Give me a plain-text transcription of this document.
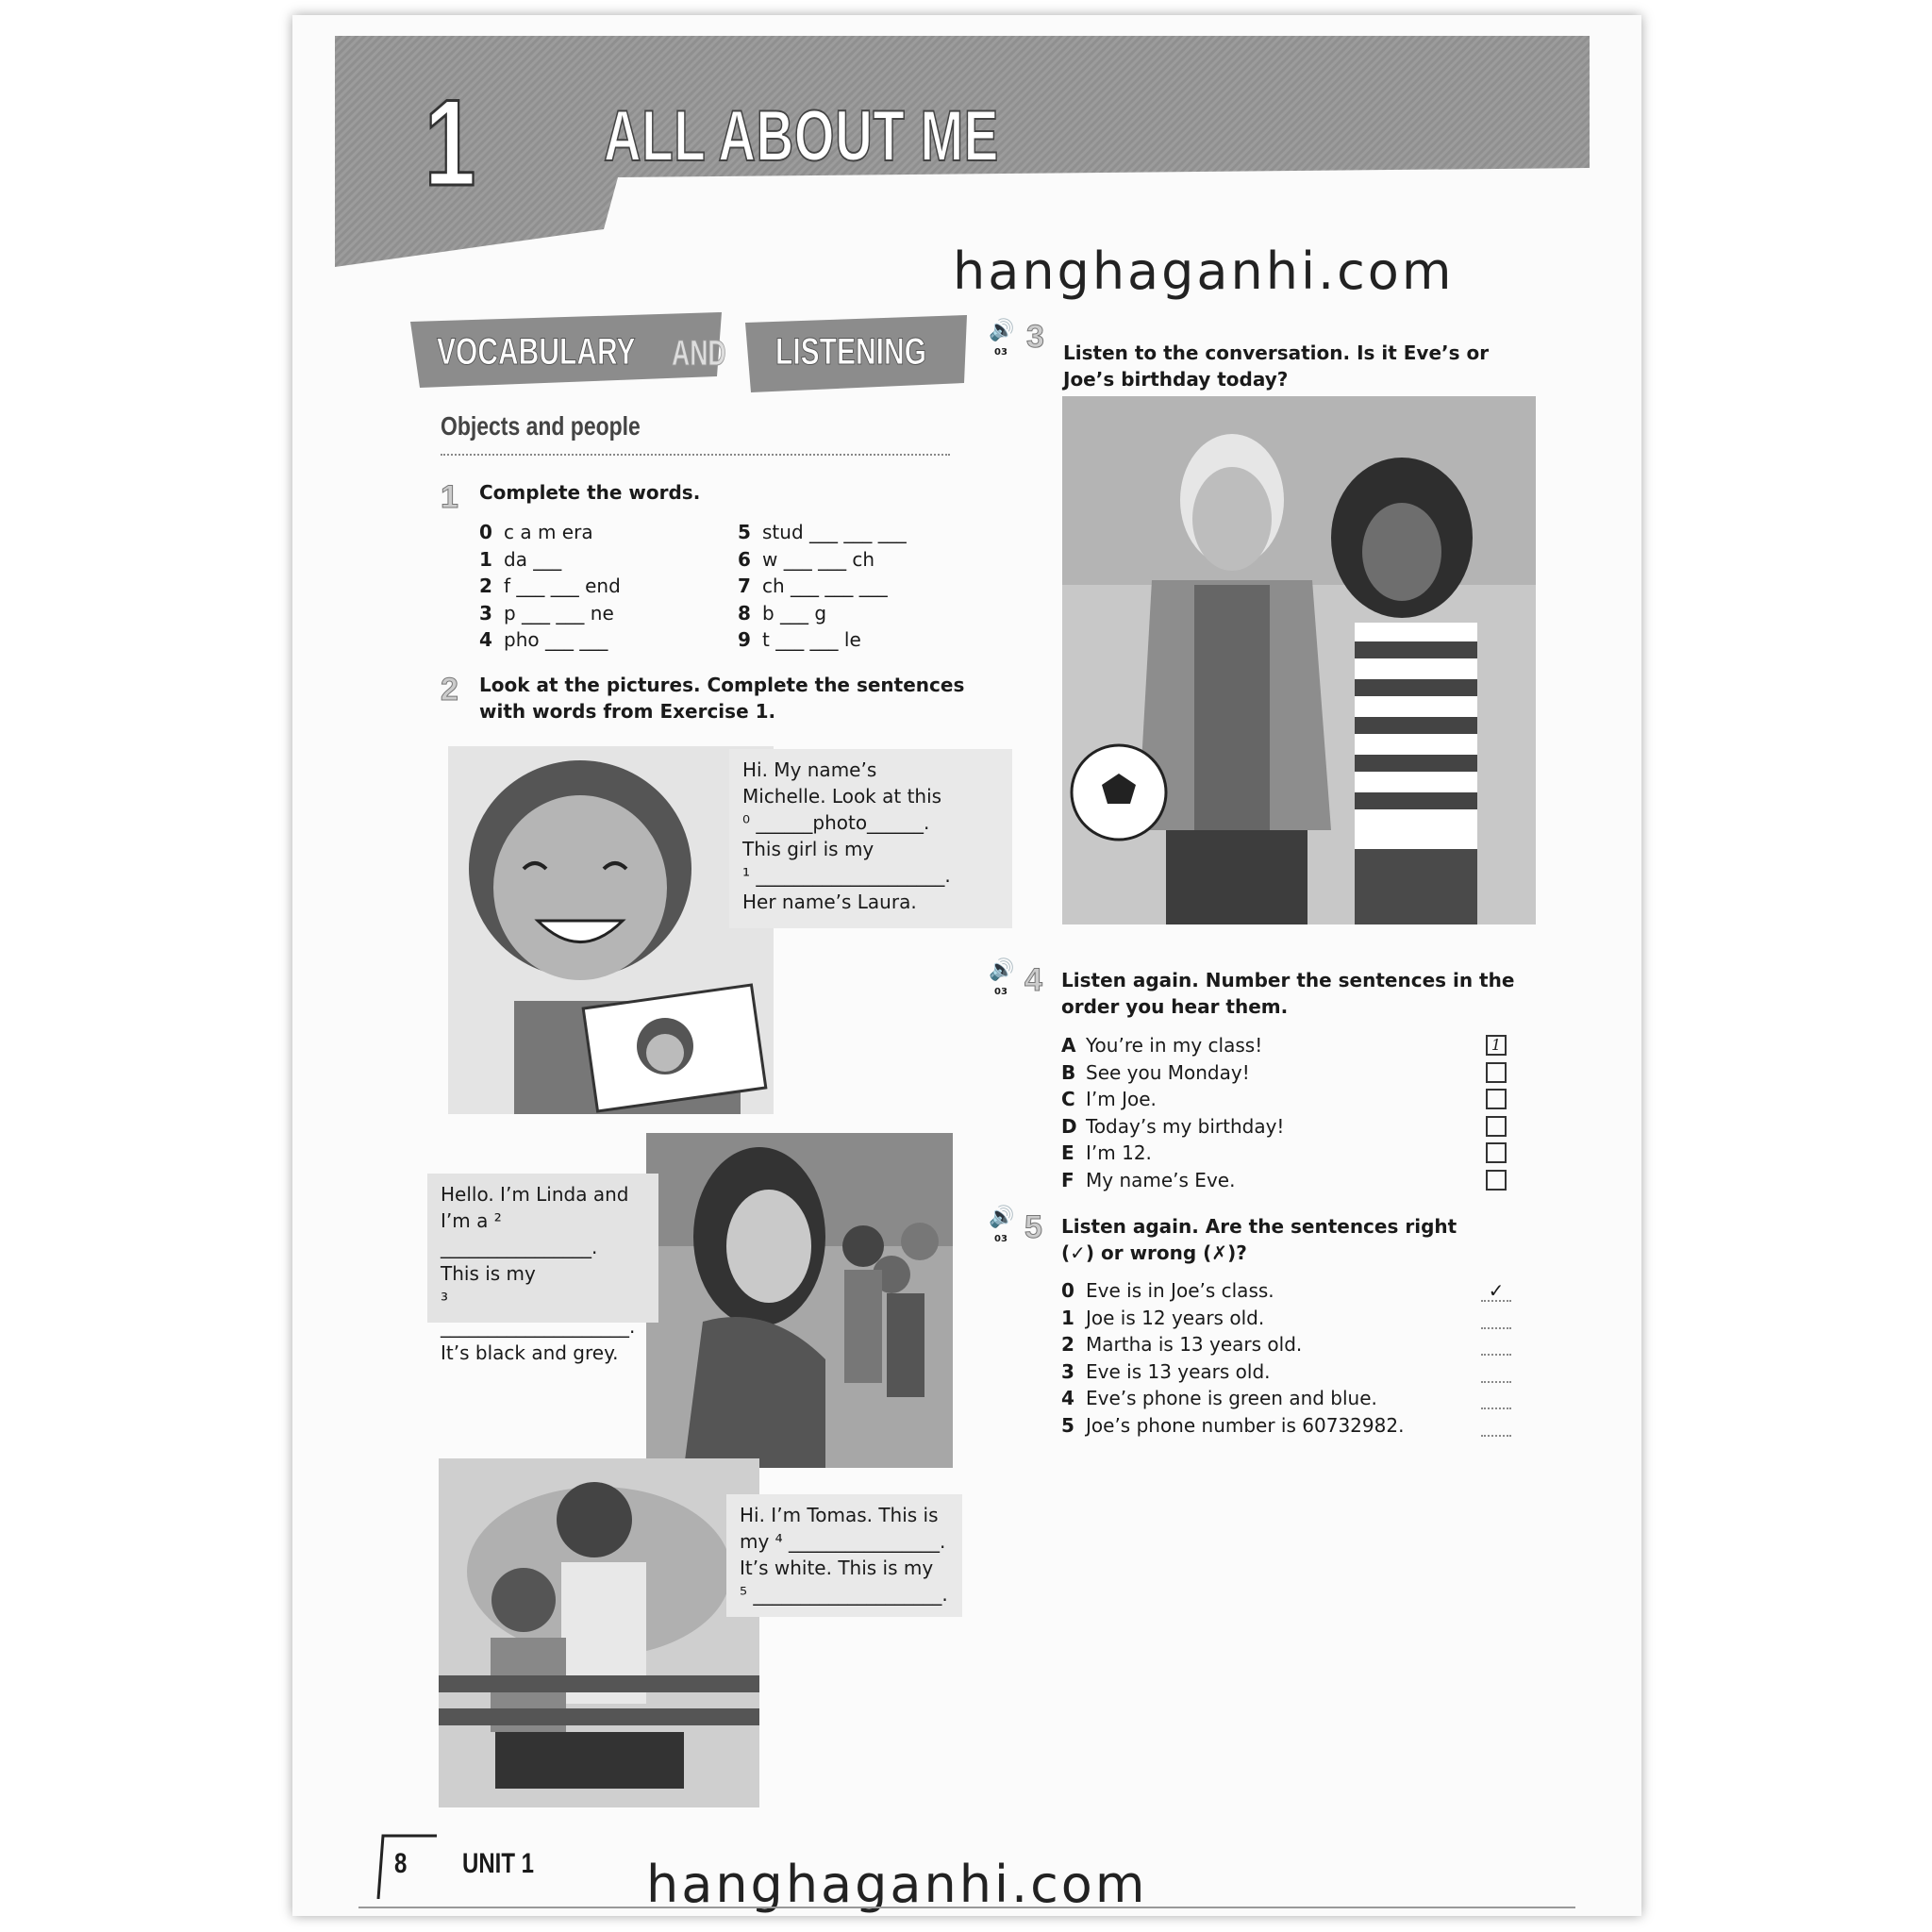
1 ALL ABOUT ME
hanghaganhi.com
VOCABULARY AND LISTENING
Objects and people
1 Complete the words.
0 c a m era
1 da ___
2 f ___ ___ end
3 p ___ ___ ne
4 pho ___ ___
5 stud ___ ___ ___
6 w ___ ___ ch
7 ch ___ ___ ___
8 b ___ g
9 t ___ ___ le
2 Look at the pictures. Complete the sentences with words from Exercise 1.
Hi. My name’s
Michelle. Look at this
⁰ ______photo______.
This girl is my
¹ ____________________.
Her name’s Laura.
Hello. I’m Linda and
I’m a ² ________________.
This is my
³ ____________________.
It’s black and grey.
Hi. I’m Tomas. This is
my ⁴ ________________.
It’s white. This is my
⁵ ____________________.
🔊
03 3 Listen to the conversation. Is it Eve’s or Joe’s birthday today?
🔊
03 4 Listen again. Number the sentences in the order you hear them.
A You’re in my class!	1
B See you Monday!
C I’m Joe.
D Today’s my birthday!
E I’m 12.
F My name’s Eve.
🔊
03 5 Listen again. Are the sentences right (✓) or wrong (✗)?
0 Eve is in Joe’s class.	✓
1 Joe is 12 years old.
2 Martha is 13 years old.
3 Eve is 13 years old.
4 Eve’s phone is green and blue.
5 Joe’s phone number is 60732982.
8 UNIT 1 hanghaganhi.com
